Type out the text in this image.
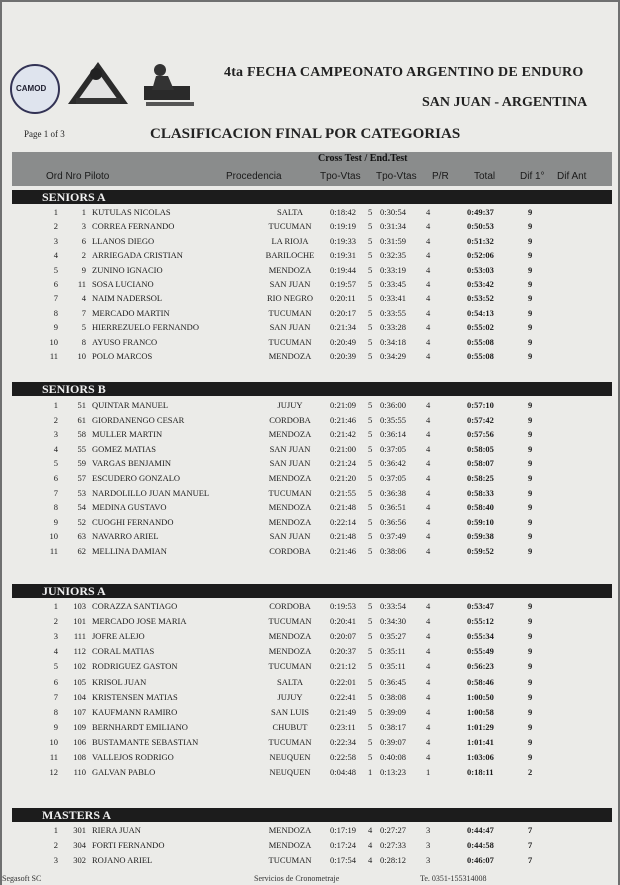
CAMOD
Page 1 of 3
4ta FECHA CAMPEONATO ARGENTINO DE ENDURO
SAN JUAN - ARGENTINA
CLASIFICACION FINAL POR CATEGORIAS
Cross Test / End.Test
Ord Nro Piloto	Procedencia	Tpo-Vtas Tpo-Vtas P/R	Total Dif 1° Dif Ant
Segasoft SC	Servicios de Cronometraje	Te. 0351-155314008
SENIORS A
1	1 KUTULAS NICOLAS	SALTA	0:18:42 5 0:30:54 4	0:49:37	9
2	3 CORREA FERNANDO	TUCUMAN	0:19:19 5 0:31:34 4	0:50:53	9
3	6 LLANOS DIEGO	LA RIOJA	0:19:33 5 0:31:59 4	0:51:32	9
4	2 ARRIEGADA CRISTIAN	BARILOCHE	0:19:31 5 0:32:35 4	0:52:06	9
5	9 ZUNINO IGNACIO	MENDOZA	0:19:44 5 0:33:19 4	0:53:03	9
6	11 SOSA LUCIANO	SAN JUAN	0:19:57 5 0:33:45 4	0:53:42	9
7	4 NAIM NADERSOL	RIO NEGRO	0:20:11 5 0:33:41 4	0:53:52	9
8	7 MERCADO MARTIN	TUCUMAN	0:20:17 5 0:33:55 4	0:54:13	9
9	5 HIERREZUELO FERNANDO	SAN JUAN	0:21:34 5 0:33:28 4	0:55:02	9
10	8 AYUSO FRANCO	TUCUMAN	0:20:49 5 0:34:18 4	0:55:08	9
11	10 POLO MARCOS	MENDOZA	0:20:39 5 0:34:29 4	0:55:08	9
SENIORS B
1	51 QUINTAR MANUEL	JUJUY	0:21:09 5 0:36:00 4	0:57:10	9
2	61 GIORDANENGO CESAR	CORDOBA	0:21:46 5 0:35:55 4	0:57:42	9
3	58 MULLER MARTIN	MENDOZA	0:21:42 5 0:36:14 4	0:57:56	9
4	55 GOMEZ MATIAS	SAN JUAN	0:21:00 5 0:37:05 4	0:58:05	9
5	59 VARGAS BENJAMIN	SAN JUAN	0:21:24 5 0:36:42 4	0:58:07	9
6	57 ESCUDERO GONZALO	MENDOZA	0:21:20 5 0:37:05 4	0:58:25	9
7	53 NARDOLILLO JUAN MANUEL	TUCUMAN	0:21:55 5 0:36:38 4	0:58:33	9
8	54 MEDINA GUSTAVO	MENDOZA	0:21:48 5 0:36:51 4	0:58:40	9
9	52 CUOGHI FERNANDO	MENDOZA	0:22:14 5 0:36:56 4	0:59:10	9
10	63 NAVARRO ARIEL	SAN JUAN	0:21:48 5 0:37:49 4	0:59:38	9
11	62 MELLINA DAMIAN	CORDOBA	0:21:46 5 0:38:06 4	0:59:52	9
JUNIORS A
1	103 CORAZZA SANTIAGO	CORDOBA	0:19:53 5 0:33:54 4	0:53:47	9
2	101 MERCADO JOSE MARIA	TUCUMAN	0:20:41 5 0:34:30 4	0:55:12	9
3	111 JOFRE ALEJO	MENDOZA	0:20:07 5 0:35:27 4	0:55:34	9
4	112 CORAL MATIAS	MENDOZA	0:20:37 5 0:35:11 4	0:55:49	9
5	102 RODRIGUEZ GASTON	TUCUMAN	0:21:12 5 0:35:11 4	0:56:23	9
6	105 KRISOL JUAN	SALTA	0:22:01 5 0:36:45 4	0:58:46	9
7	104 KRISTENSEN MATIAS	JUJUY	0:22:41 5 0:38:08 4	1:00:50	9
8	107 KAUFMANN RAMIRO	SAN LUIS	0:21:49 5 0:39:09 4	1:00:58	9
9	109 BERNHARDT EMILIANO	CHUBUT	0:23:11 5 0:38:17 4	1:01:29	9
10	106 BUSTAMANTE SEBASTIAN	TUCUMAN	0:22:34 5 0:39:07 4	1:01:41	9
11	108 VALLEJOS RODRIGO	NEUQUEN	0:22:58 5 0:40:08 4	1:03:06	9
12	110 GALVAN PABLO	NEUQUEN	0:04:48 1 0:13:23 1	0:18:11	2
MASTERS A
1	301 RIERA JUAN	MENDOZA	0:17:19 4 0:27:27 3	0:44:47	7
2	304 FORTI FERNANDO	MENDOZA	0:17:24 4 0:27:33 3	0:44:58	7
3	302 ROJANO ARIEL	TUCUMAN	0:17:54 4 0:28:12 3	0:46:07	7
